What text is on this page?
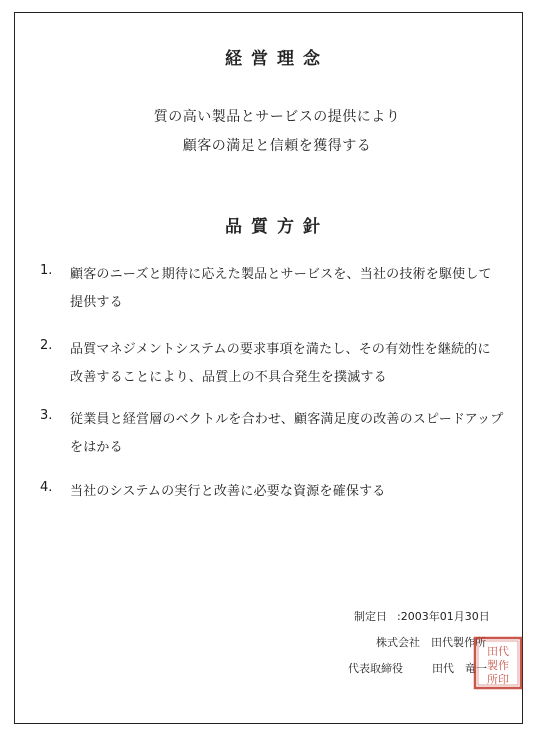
経営理念
質の高い製品とサービスの提供により
顧客の満足と信頼を獲得する
品質方針
1. 顧客のニーズと期待に応えた製品とサービスを、当社の技術を駆使して
提供する
2. 品質マネジメントシステムの要求事項を満たし、その有効性を継続的に
改善することにより、品質上の不具合発生を撲滅する
3. 従業員と経営層のベクトルを合わせ、顧客満足度の改善のスピードアップ
をはかる
4. 当社のシステムの実行と改善に必要な資源を確保する
制定日 :2003年01月30日
株式会社　田代製作所
代表取締役	田代　竜一
田代
製作
所印
